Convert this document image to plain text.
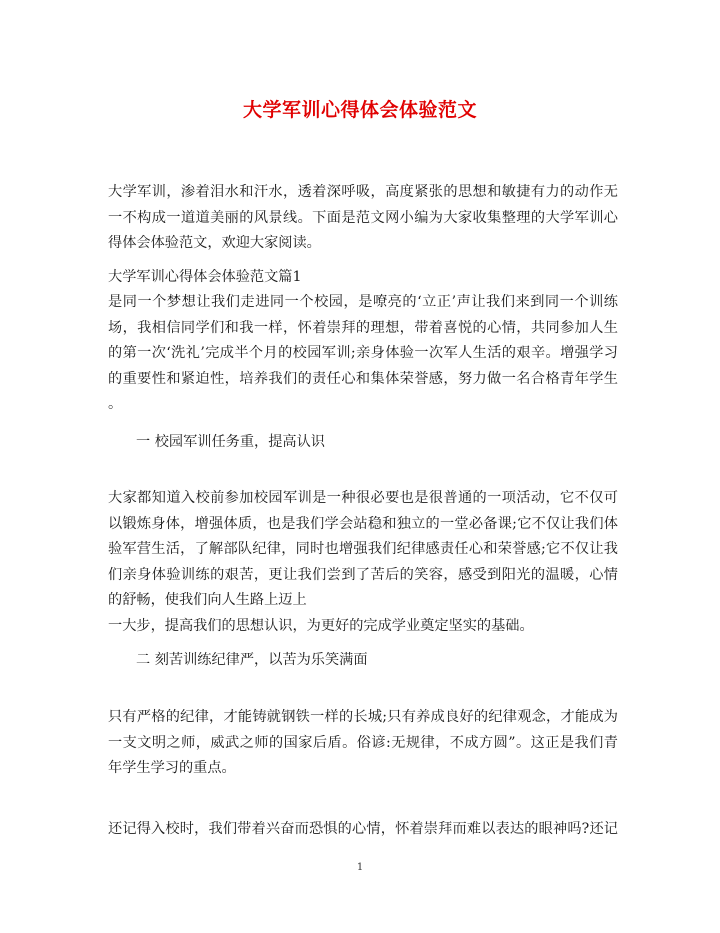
大学军训心得体会体验范文
大学军训，渗着泪水和汗水，透着深呼吸，高度紧张的思想和敏捷有力的动作无
一不构成一道道美丽的风景线。下面是范文网小编为大家收集整理的大学军训心
得体会体验范文，欢迎大家阅读。
大学军训心得体会体验范文篇1
是同一个梦想让我们走进同一个校园，是嘹亮的‘立正’声让我们来到同一个训练
场，我相信同学们和我一样，怀着崇拜的理想，带着喜悦的心情，共同参加人生
的第一次‘洗礼’完成半个月的校园军训;亲身体验一次军人生活的艰辛。增强学习
的重要性和紧迫性，培养我们的责任心和集体荣誉感，努力做一名合格青年学生
。
一 校园军训任务重，提高认识
大家都知道入校前参加校园军训是一种很必要也是很普通的一项活动，它不仅可
以锻炼身体，增强体质，也是我们学会站稳和独立的一堂必备课;它不仅让我们体
验军营生活，了解部队纪律，同时也增强我们纪律感责任心和荣誉感;它不仅让我
们亲身体验训练的艰苦，更让我们尝到了苦后的笑容，感受到阳光的温暖，心情
的舒畅，使我们向人生路上迈上
一大步，提高我们的思想认识，为更好的完成学业奠定坚实的基础。
二 刻苦训练纪律严，以苦为乐笑满面
只有严格的纪律，才能铸就钢铁一样的长城;只有养成良好的纪律观念，才能成为
一支文明之师，威武之师的国家后盾。俗谚:无规律，不成方圆”。这正是我们青
年学生学习的重点。
还记得入校时，我们带着兴奋而恐惧的心情，怀着崇拜而难以表达的眼神吗?还记
1
